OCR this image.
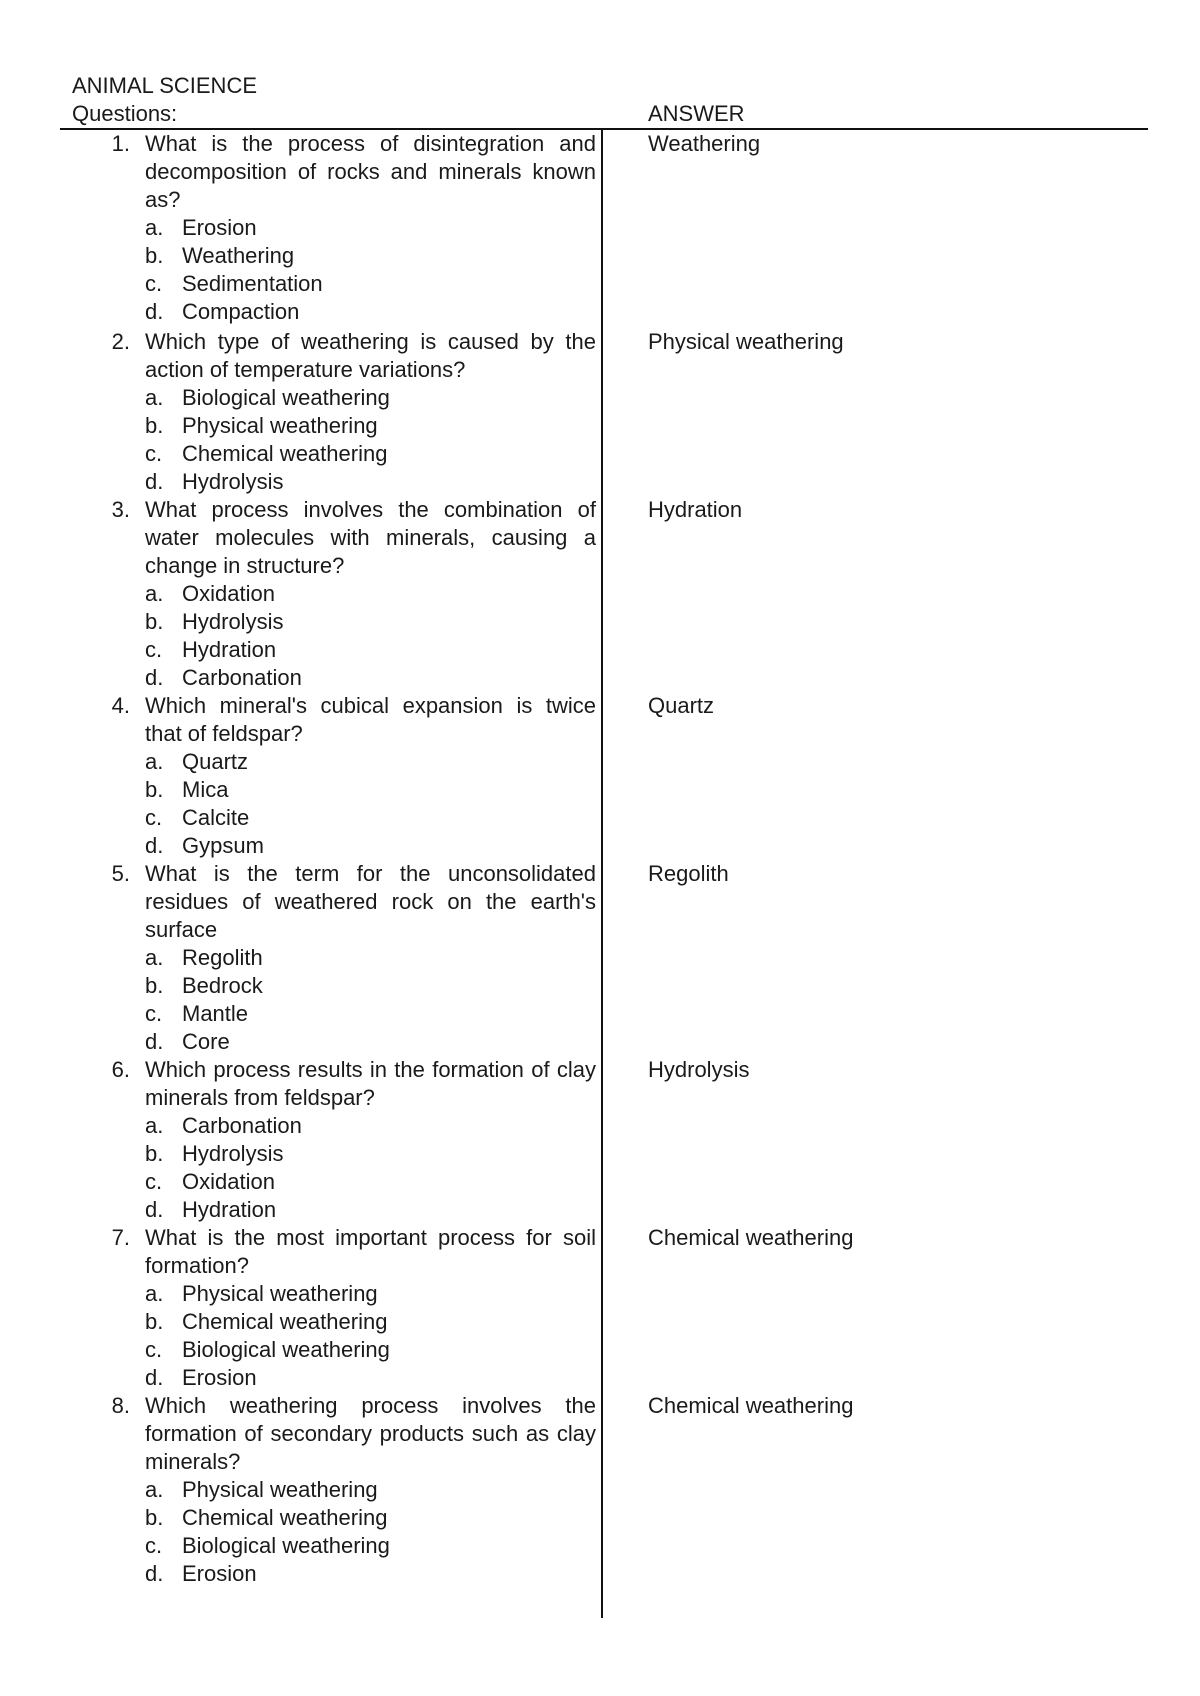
ANIMAL SCIENCE
Questions:	ANSWER
1. What is the process of disintegration and decomposition of rocks and minerals known as?
a. Erosion
b. Weathering
c. Sedimentation
d. Compaction
2. Which type of weathering is caused by the action of temperature variations?
a. Biological weathering
b. Physical weathering
c. Chemical weathering
d. Hydrolysis
3. What process involves the combination of water molecules with minerals, causing a change in structure?
a. Oxidation
b. Hydrolysis
c. Hydration
d. Carbonation
4. Which mineral's cubical expansion is twice that of feldspar?
a. Quartz
b. Mica
c. Calcite
d. Gypsum
5. What is the term for the unconsolidated residues of weathered rock on the earth's surface
a. Regolith
b. Bedrock
c. Mantle
d. Core
6. Which process results in the formation of clay minerals from feldspar?
a. Carbonation
b. Hydrolysis
c. Oxidation
d. Hydration
7. What is the most important process for soil formation?
a. Physical weathering
b. Chemical weathering
c. Biological weathering
d. Erosion
8. Which weathering process involves the formation of secondary products such as clay minerals?
a. Physical weathering
b. Chemical weathering
c. Biological weathering
d. Erosion
Weathering
Physical weathering
Hydration
Quartz
Regolith
Hydrolysis
Chemical weathering
Chemical weathering
